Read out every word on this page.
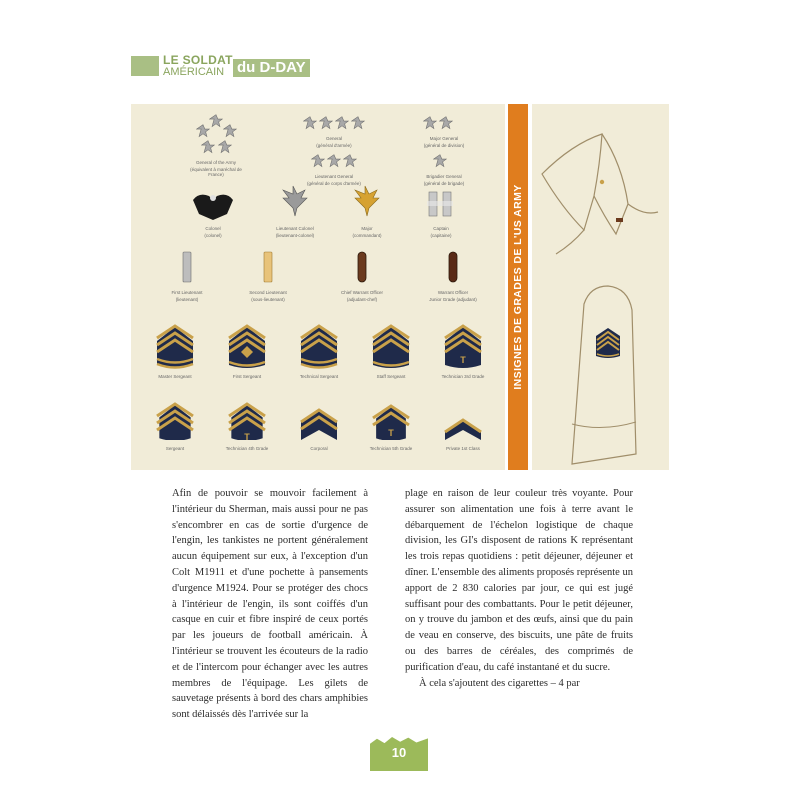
LE SOLDAT
AMÉRICAIN du D-DAY
T
T	T
General of the Army
(équivalent à maréchal de France)
General
(général d'armée)
Major General
(général de division)
Lieutenant General
(général de corps d'armée)
Brigadier General
(général de brigade)
Colonel
(colonel)
Lieutenant Colonel
(lieutenant-colonel)
Major
(commandant)
Captain
(capitaine)
First Lieutenant
(lieutenant)
Second Lieutenant
(sous-lieutenant)
Chief Warrant Officer
(adjudant-chef)
Warrant Officer
Junior Grade (adjudant)
Master Sergeant	First Sergeant	Technical Sergeant	Staff Sergeant	Technician 3rd Grade
Sergeant	Technician 4th Grade	Corporal	Technician 5th Grade	Private 1st Class
INSIGNES DE GRADES DE L'US ARMY

Afin de pouvoir se mouvoir facilement à l'intérieur du Sherman, mais aussi pour ne pas s'encombrer en cas de sortie d'urgence de l'engin, les tankistes ne portent généralement aucun équipement sur eux, à l'exception d'un Colt M1911 et d'une pochette à pansements d'urgence M1924. Pour se protéger des chocs à l'intérieur de l'engin, ils sont coiffés d'un casque en cuir et fibre inspiré de ceux portés par les joueurs de football américain. À l'intérieur se trouvent les écouteurs de la radio et de l'intercom pour échanger avec les autres membres de l'équipage. Les gilets de sauvetage présents à bord des chars amphibies sont délaissés dès l'arrivée sur la

plage en raison de leur couleur très voyante. Pour assurer son alimentation une fois à terre avant le débarquement de l'échelon logistique de chaque division, les GI's disposent de rations K représentant les trois repas quotidiens : petit déjeuner, déjeuner et dîner. L'ensemble des aliments proposés représente un apport de 2 830 calories par jour, ce qui est jugé suffisant pour des combattants. Pour le petit déjeuner, on y trouve du jambon et des œufs, ainsi que du pain de veau en conserve, des biscuits, une pâte de fruits ou des barres de céréales, des comprimés de purification d'eau, du café instantané et du sucre.

À cela s'ajoutent des cigarettes – 4 par

10
